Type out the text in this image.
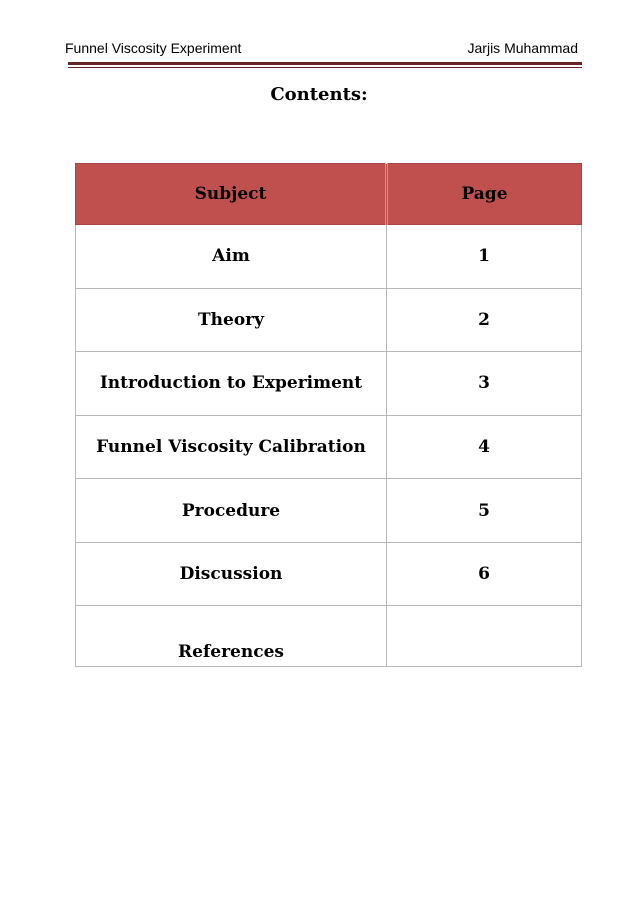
Funnel Viscosity Experiment	Jarjis Muhammad
Contents:
Subject	Page
Aim	1
Theory	2
Introduction to Experiment	3
Funnel Viscosity Calibration	4
Procedure	5
Discussion	6
References	
